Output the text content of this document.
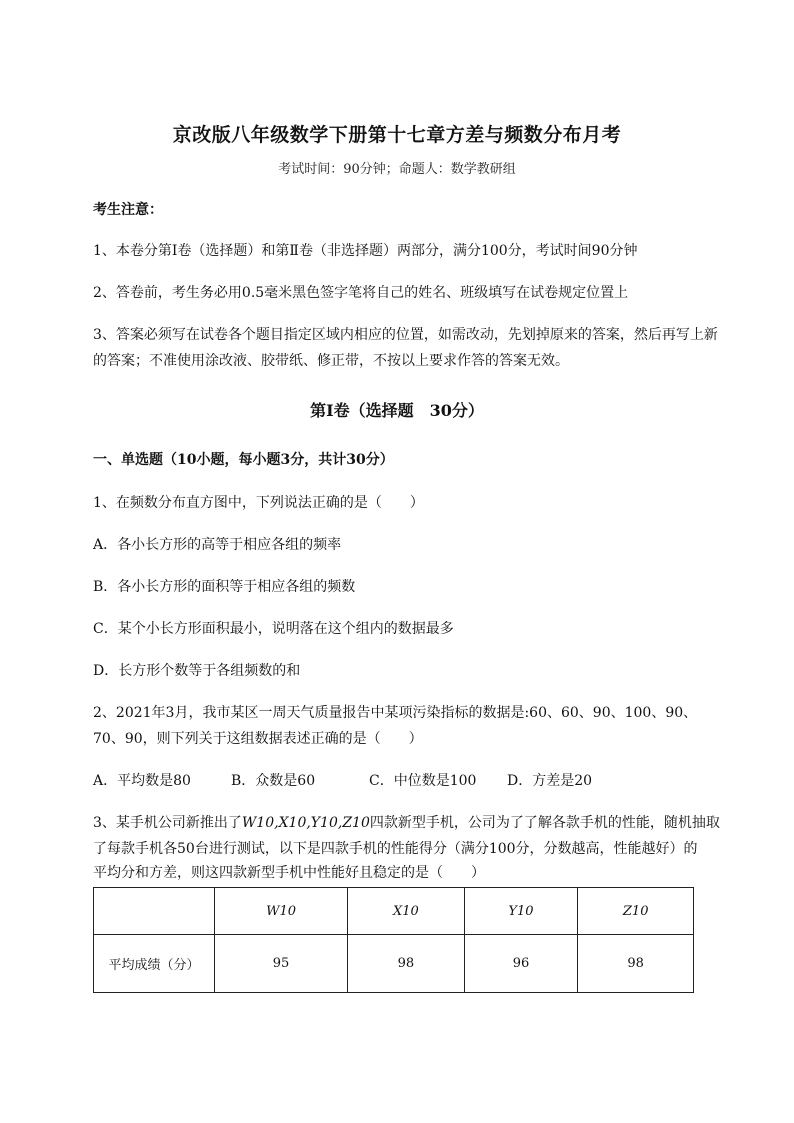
京改版八年级数学下册第十七章方差与频数分布月考
考试时间：90分钟；命题人：数学教研组
考生注意：
1、本卷分第I卷（选择题）和第Ⅱ卷（非选择题）两部分，满分100分，考试时间90分钟
2、答卷前，考生务必用0.5毫米黑色签字笔将自己的姓名、班级填写在试卷规定位置上
3、答案必须写在试卷各个题目指定区域内相应的位置，如需改动，先划掉原来的答案，然后再写上新
的答案；不准使用涂改液、胶带纸、修正带，不按以上要求作答的答案无效。
第I卷（选择题　30分）
一、单选题（10小题，每小题3分，共计30分）
1、在频数分布直方图中，下列说法正确的是（　　）
A．各小长方形的高等于相应各组的频率
B．各小长方形的面积等于相应各组的频数
C．某个小长方形面积最小，说明落在这个组内的数据最多
D．长方形个数等于各组频数的和
2、2021年3月，我市某区一周天气质量报告中某项污染指标的数据是:60、60、90、100、90、
70、90，则下列关于这组数据表述正确的是（　　）
A．平均数是80	B．众数是60	C．中位数是100 D．方差是20
3、某手机公司新推出了W10,X10,Y10,Z10四款新型手机，公司为了了解各款手机的性能，随机抽取
了每款手机各50台进行测试，以下是四款手机的性能得分（满分100分，分数越高，性能越好）的
平均分和方差，则这四款新型手机中性能好且稳定的是（　　）
	W10	X10	Y10	Z10
平均成绩（分）	95	98	96	98
